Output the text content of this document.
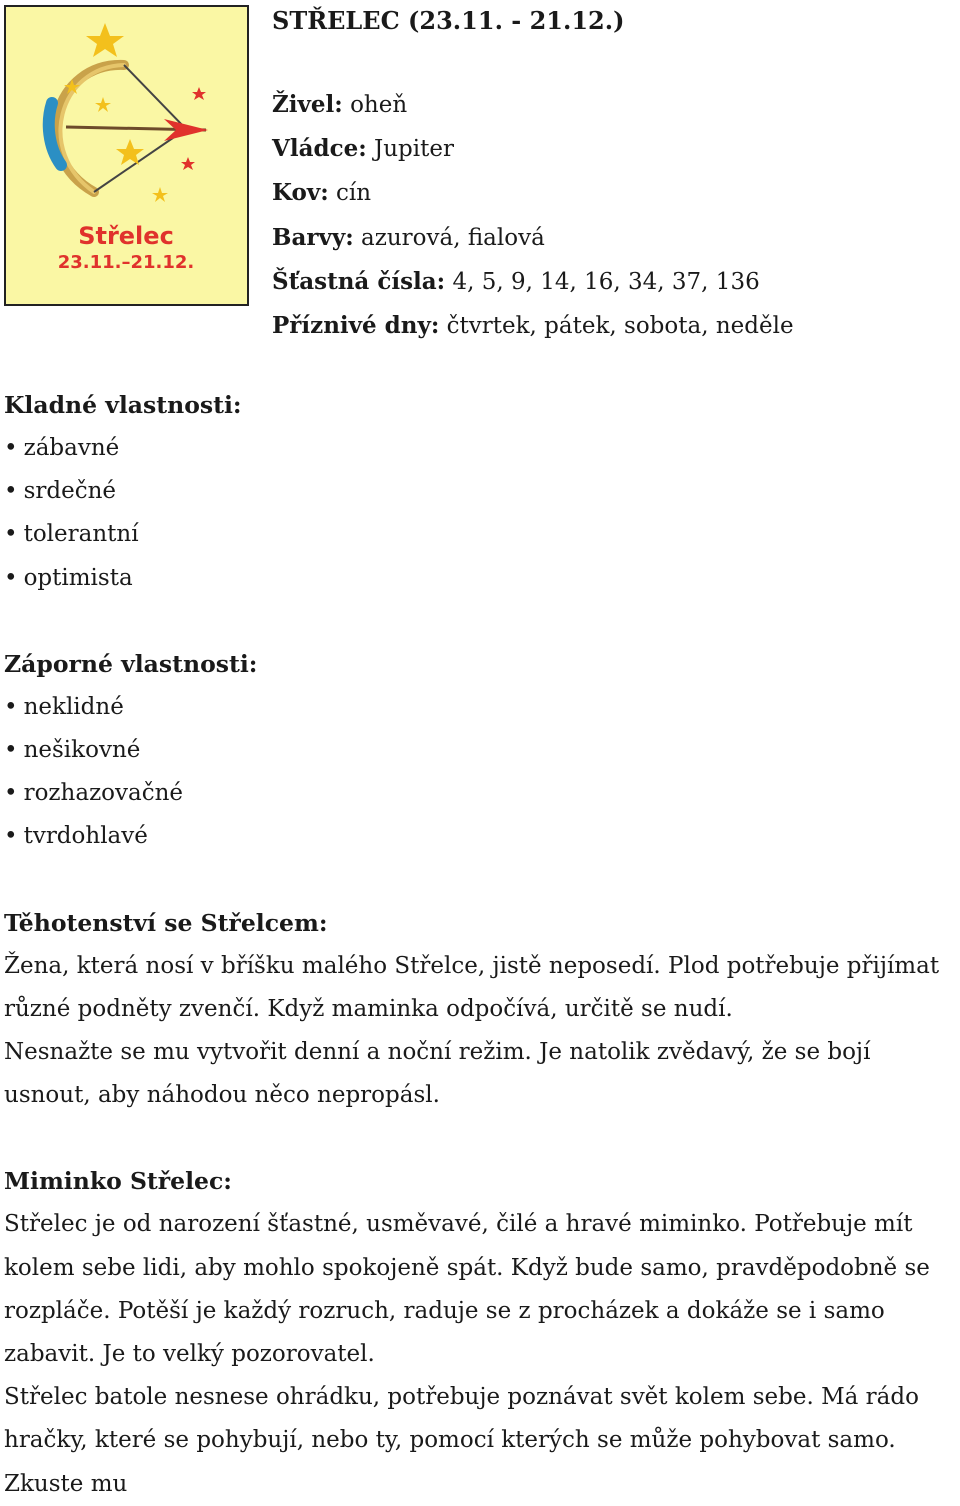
Střelec
23.11.–21.12.
STŘELEC (23.11. - 21.12.)
Živel: oheň
Vládce: Jupiter
Kov: cín
Barvy: azurová, fialová
Šťastná čísla: 4, 5, 9, 14, 16, 34, 37, 136
Příznivé dny: čtvrtek, pátek, sobota, neděle
Kladné vlastnosti:
• zábavné
• srdečné
• tolerantní
• optimista
Záporné vlastnosti:
• neklidné
• nešikovné
• rozhazovačné
• tvrdohlavé
Těhotenství se Střelcem:

Žena, která nosí v bříšku malého Střelce, jistě neposedí. Plod potřebuje přijímat různé podněty zvenčí. Když maminka odpočívá, určitě se nudí.

Nesnažte se mu vytvořit denní a noční režim. Je natolik zvědavý, že se bojí usnout, aby náhodou něco nepropásl.

Miminko Střelec:

Střelec je od narození šťastné, usměvavé, čilé a hravé miminko. Potřebuje mít kolem sebe lidi, aby mohlo spokojeně spát. Když bude samo, pravděpodobně se rozpláče. Potěší je každý rozruch, raduje se z procházek a dokáže se i samo zabavit. Je to velký pozorovatel.

Střelec batole nesnese ohrádku, potřebuje poznávat svět kolem sebe. Má rádo hračky, které se pohybují, nebo ty, pomocí kterých se může pohybovat samo. Zkuste mu
